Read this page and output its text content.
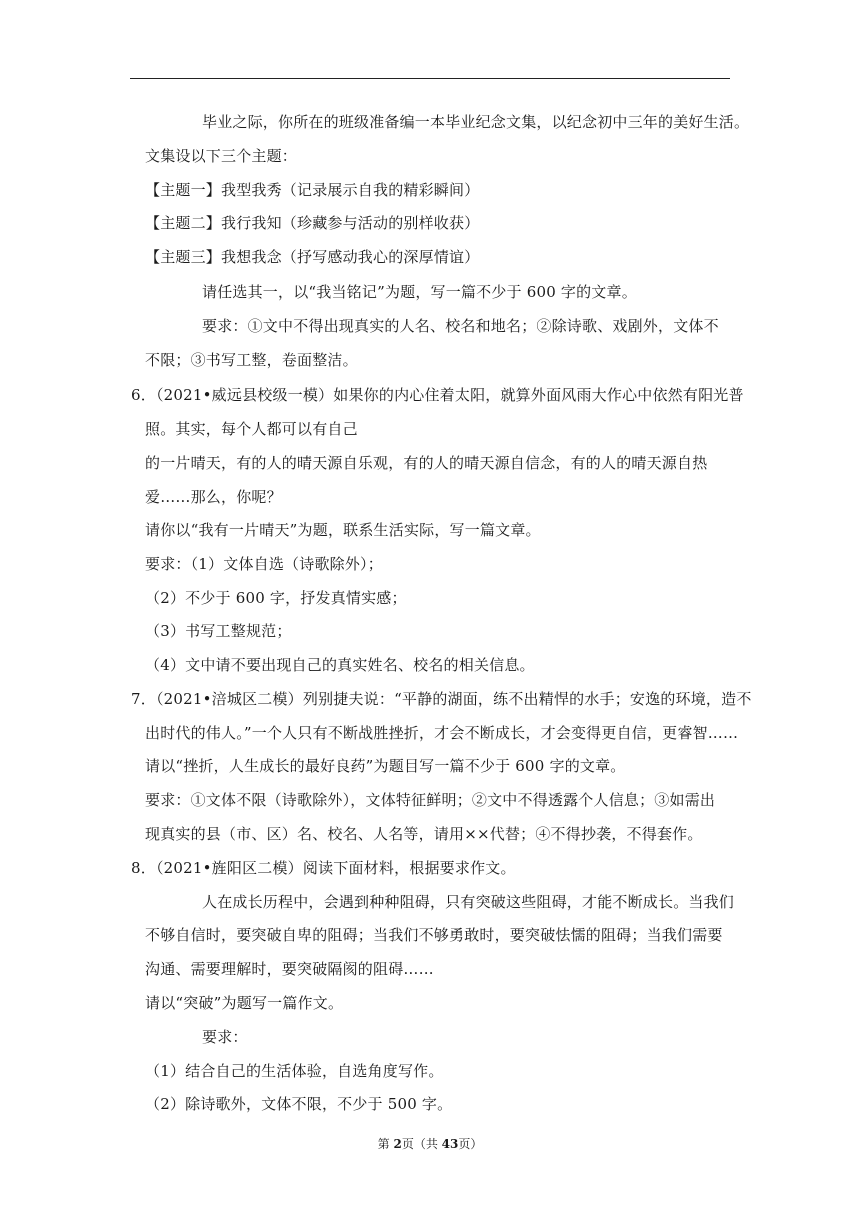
毕业之际，你所在的班级准备编一本毕业纪念文集，以纪念初中三年的美好生活。
文集设以下三个主题：
【主题一】我型我秀（记录展示自我的精彩瞬间）
【主题二】我行我知（珍藏参与活动的别样收获）
【主题三】我想我念（抒写感动我心的深厚情谊）
请任选其一，以“我当铭记”为题，写一篇不少于 600 字的文章。
要求：①文中不得出现真实的人名、校名和地名；②除诗歌、戏剧外，文体不
不限；③书写工整，卷面整洁。
6．（2021•威远县校级一模）如果你的内心住着太阳，就算外面风雨大作心中依然有阳光普
照。其实，每个人都可以有自己
的一片晴天，有的人的晴天源自乐观，有的人的晴天源自信念，有的人的晴天源自热
爱……那么，你呢？
请你以“我有一片晴天”为题，联系生活实际，写一篇文章。
要求：（1）文体自选（诗歌除外）；
（2）不少于 600 字，抒发真情实感；
（3）书写工整规范；
（4）文中请不要出现自己的真实姓名、校名的相关信息。
7．（2021•涪城区二模）列别捷夫说：“平静的湖面，练不出精悍的水手；安逸的环境，造不
出时代的伟人。”一个人只有不断战胜挫折，才会不断成长，才会变得更自信，更睿智……
请以“挫折，人生成长的最好良药”为题目写一篇不少于 600 字的文章。
要求：①文体不限（诗歌除外），文体特征鲜明；②文中不得透露个人信息；③如需出
现真实的县（市、区）名、校名、人名等，请用××代替；④不得抄袭，不得套作。
8．（2021•旌阳区二模）阅读下面材料，根据要求作文。
人在成长历程中，会遇到种种阻碍，只有突破这些阻碍，才能不断成长。当我们
不够自信时，要突破自卑的阻碍；当我们不够勇敢时，要突破怯懦的阻碍；当我们需要
沟通、需要理解时，要突破隔阂的阻碍……
请以“突破”为题写一篇作文。
要求：
（1）结合自己的生活体验，自选角度写作。
（2）除诗歌外，文体不限，不少于 500 字。
第 2页（共 43页）
